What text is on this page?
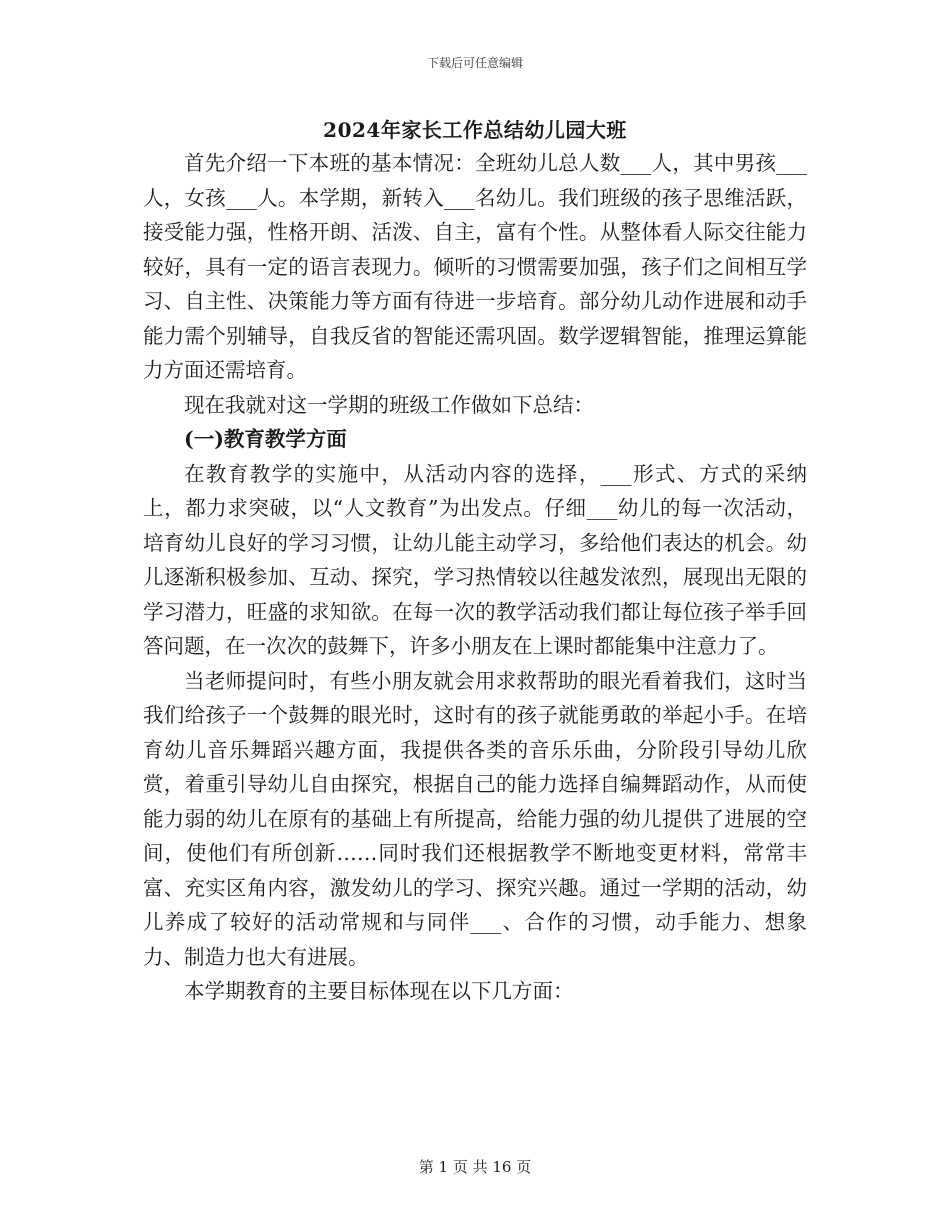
下载后可任意编辑
2024年家长工作总结幼儿园大班

首先介绍一下本班的基本情况：全班幼儿总人数___人，其中男孩___人，女孩___人。本学期，新转入___名幼儿。我们班级的孩子思维活跃，接受能力强，性格开朗、活泼、自主，富有个性。从整体看人际交往能力较好，具有一定的语言表现力。倾听的习惯需要加强，孩子们之间相互学习、自主性、决策能力等方面有待进一步培育。部分幼儿动作进展和动手能力需个别辅导，自我反省的智能还需巩固。数学逻辑智能，推理运算能力方面还需培育。

现在我就对这一学期的班级工作做如下总结：

(一)教育教学方面

在教育教学的实施中，从活动内容的选择，___形式、方式的采纳上，都力求突破，以“人文教育”为出发点。仔细___幼儿的每一次活动，培育幼儿良好的学习习惯，让幼儿能主动学习，多给他们表达的机会。幼儿逐渐积极参加、互动、探究，学习热情较以往越发浓烈，展现出无限的学习潜力，旺盛的求知欲。在每一次的教学活动我们都让每位孩子举手回答问题，在一次次的鼓舞下，许多小朋友在上课时都能集中注意力了。

当老师提问时，有些小朋友就会用求救帮助的眼光看着我们，这时当我们给孩子一个鼓舞的眼光时，这时有的孩子就能勇敢的举起小手。在培育幼儿音乐舞蹈兴趣方面，我提供各类的音乐乐曲，分阶段引导幼儿欣赏，着重引导幼儿自由探究，根据自己的能力选择自编舞蹈动作，从而使能力弱的幼儿在原有的基础上有所提高，给能力强的幼儿提供了进展的空间，使他们有所创新……同时我们还根据教学不断地变更材料，常常丰富、充实区角内容，激发幼儿的学习、探究兴趣。通过一学期的活动，幼儿养成了较好的活动常规和与同伴___、合作的习惯，动手能力、想象力、制造力也大有进展。

本学期教育的主要目标体现在以下几方面：

第 1 页 共 16 页
